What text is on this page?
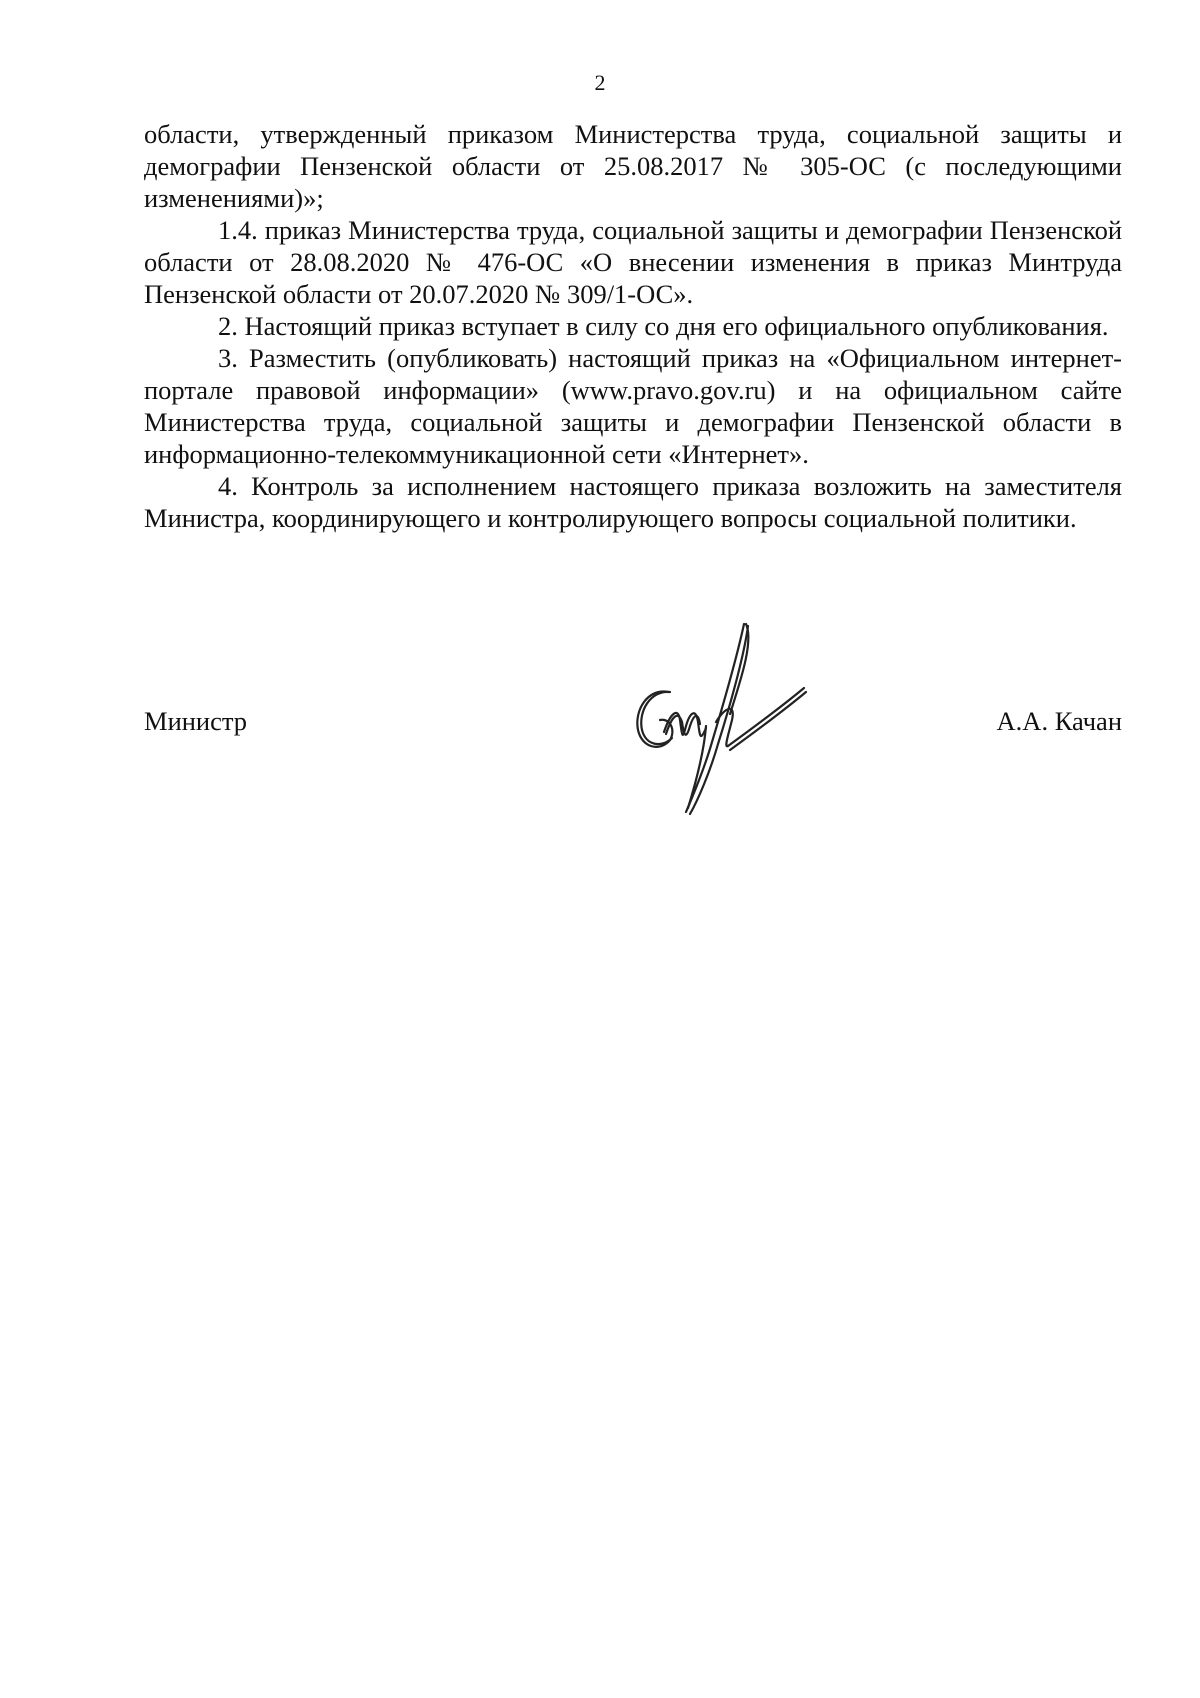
2

области, утвержденный приказом Министерства труда, социальной защиты и демографии Пензенской области от 25.08.2017 № 305-ОС (с последующими изменениями)»;

1.4. приказ Министерства труда, социальной защиты и демографии Пензенской области от 28.08.2020 № 476-ОС «О внесении изменения в приказ Минтруда Пензенской области от 20.07.2020 № 309/1-ОС».

2. Настоящий приказ вступает в силу со дня его официального опубликования.

3. Разместить (опубликовать) настоящий приказ на «Официальном интернет-портале правовой информации» (www.pravo.gov.ru) и на официальном сайте Министерства труда, социальной защиты и демографии Пензенской области в информационно-телекоммуникационной сети «Интернет».

4. Контроль за исполнением настоящего приказа возложить на заместителя Министра, координирующего и контролирующего вопросы социальной политики.

Министр	А.А. Качан
